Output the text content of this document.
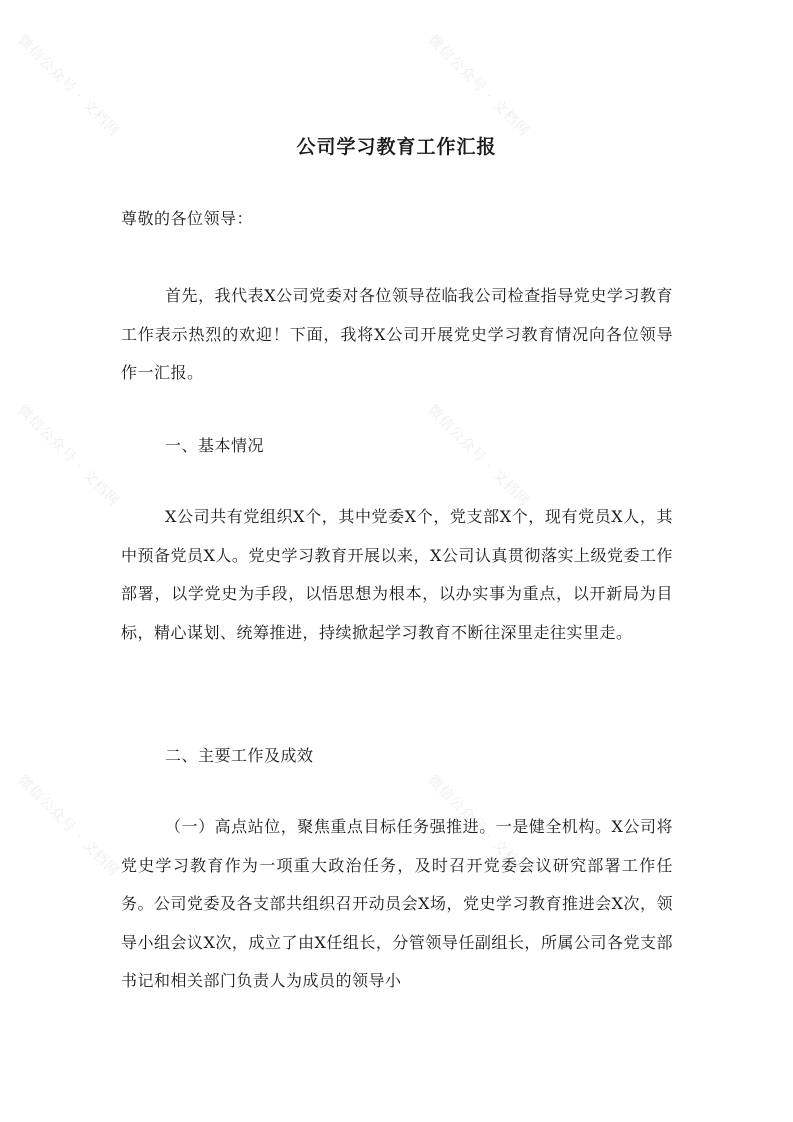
微信公众号 · 文档网	微信公众号 · 文档网
微信公众号 · 文档网	微信公众号 · 文档网
微信公众号 · 文档网	微信公众号 · 文档网
公司学习教育工作汇报
尊敬的各位领导：
首先，我代表X公司党委对各位领导莅临我公司检查指导党史学习教育工作表示热烈的欢迎！下面，我将X公司开展党史学习教育情况向各位领导作一汇报。
一、基本情况
X公司共有党组织X个，其中党委X个，党支部X个，现有党员X人，其中预备党员X人。党史学习教育开展以来，X公司认真贯彻落实上级党委工作部署，以学党史为手段，以悟思想为根本，以办实事为重点，以开新局为目标，精心谋划、统筹推进，持续掀起学习教育不断往深里走往实里走。
二、主要工作及成效
（一）高点站位，聚焦重点目标任务强推进。一是健全机构。X公司将党史学习教育作为一项重大政治任务，及时召开党委会议研究部署工作任务。公司党委及各支部共组织召开动员会X场，党史学习教育推进会X次，领导小组会议X次，成立了由X任组长，分管领导任副组长，所属公司各党支部书记和相关部门负责人为成员的领导小
